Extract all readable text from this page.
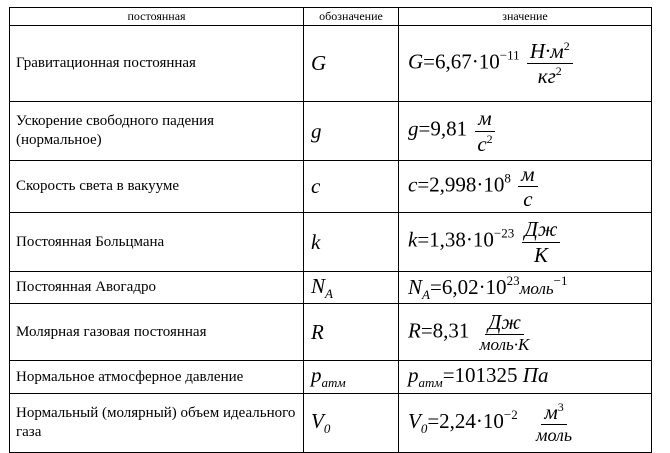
постоянная	обозначение	значение
Гравитационная постоянная	G	$G=6,67\cdot 10^{-11} \frac{Н\cdot м^2}{кг^2}$

Ускорение свободного падения (нормальное)	g	$g=9,81 \frac{м}{с^2}$

Скорость света в вакууме	c	$c=2,998\cdot 10^8 \frac{м}{с}$

Постоянная Больцмана	k	$k=1,38\cdot 10^{-23} \frac{Дж}{К}$

Постоянная Авогадро	$N_A$	$N_A=6,02\cdot 10^{23}моль^{-1}$
Молярная газовая постоянная	R	$R=8,31 \frac{Дж}{\text{моль·К}}$

Нормальное атмосферное давление	$p_{атм}$	$p_{атм}=101325$ Па
Нормальный (молярный) объем идеального газа	$V_0$	$V_0=2,24\cdot 10^{-2} \frac{м^3}{\text{моль}}$
